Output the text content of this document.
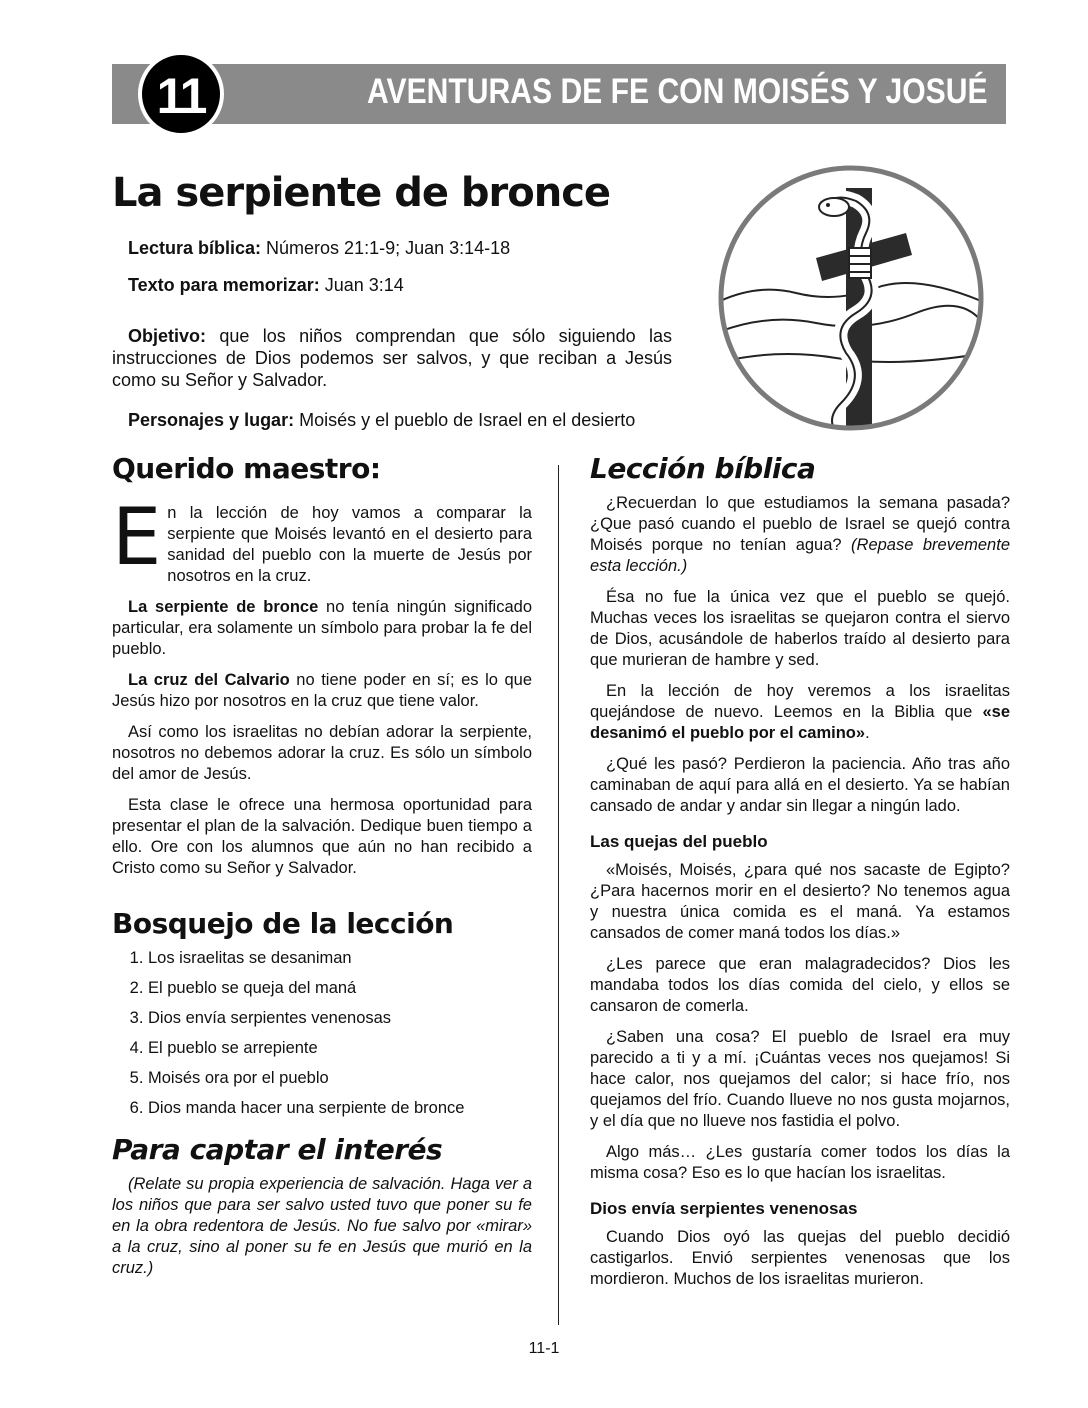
AVENTURAS DE FE CON MOISÉS Y JOSUÉ
11
La serpiente de bronce

Lectura bíblica: Números 21:1-9; Juan 3:14-18

Texto para memorizar: Juan 3:14

Objetivo: que los niños comprendan que sólo siguiendo las instrucciones de Dios podemos ser salvos, y que reciban a Jesús como su Señor y Salvador.

Personajes y lugar: Moisés y el pueblo de Israel en el desierto

Querido maestro:

En la lección de hoy vamos a comparar la serpiente que Moisés levantó en el desierto para sanidad del pueblo con la muerte de Jesús por nosotros en la cruz.

La serpiente de bronce no tenía ningún significado particular, era solamente un símbolo para probar la fe del pueblo.

La cruz del Calvario no tiene poder en sí; es lo que Jesús hizo por nosotros en la cruz que tiene valor.

Así como los israelitas no debían adorar la serpiente, nosotros no debemos adorar la cruz. Es sólo un símbolo del amor de Jesús.

Esta clase le ofrece una hermosa oportunidad para presentar el plan de la salvación. Dedique buen tiempo a ello. Ore con los alumnos que aún no han recibido a Cristo como su Señor y Salvador.

Bosquejo de la lección
1. Los israelitas se desaniman
2. El pueblo se queja del maná
3. Dios envía serpientes venenosas
4. El pueblo se arrepiente
5. Moisés ora por el pueblo
6. Dios manda hacer una serpiente de bronce
Para captar el interés

(Relate su propia experiencia de salvación. Haga ver a los niños que para ser salvo usted tuvo que poner su fe en la obra redentora de Jesús. No fue salvo por «mirar» a la cruz, sino al poner su fe en Jesús que murió en la cruz.)

Lección bíblica

¿Recuerdan lo que estudiamos la semana pasada? ¿Que pasó cuando el pueblo de Israel se quejó contra Moisés porque no tenían agua? (Repase brevemente esta lección.)

Ésa no fue la única vez que el pueblo se quejó. Muchas veces los israelitas se quejaron contra el siervo de Dios, acusándole de haberlos traído al desierto para que murieran de hambre y sed.

En la lección de hoy veremos a los israelitas quejándose de nuevo. Leemos en la Biblia que «se desanimó el pueblo por el camino».

¿Qué les pasó? Perdieron la paciencia. Año tras año caminaban de aquí para allá en el desierto. Ya se habían cansado de andar y andar sin llegar a ningún lado.

Las quejas del pueblo

«Moisés, Moisés, ¿para qué nos sacaste de Egipto? ¿Para hacernos morir en el desierto? No tenemos agua y nuestra única comida es el maná. Ya estamos cansados de comer maná todos los días.»

¿Les parece que eran malagradecidos? Dios les mandaba todos los días comida del cielo, y ellos se cansaron de comerla.

¿Saben una cosa? El pueblo de Israel era muy parecido a ti y a mí. ¡Cuántas veces nos quejamos! Si hace calor, nos quejamos del calor; si hace frío, nos quejamos del frío. Cuando llueve no nos gusta mojarnos, y el día que no llueve nos fastidia el polvo.

Algo más… ¿Les gustaría comer todos los días la misma cosa? Eso es lo que hacían los israelitas.

Dios envía serpientes venenosas

Cuando Dios oyó las quejas del pueblo decidió castigarlos. Envió serpientes venenosas que los mordieron. Muchos de los israelitas murieron.

11-1
